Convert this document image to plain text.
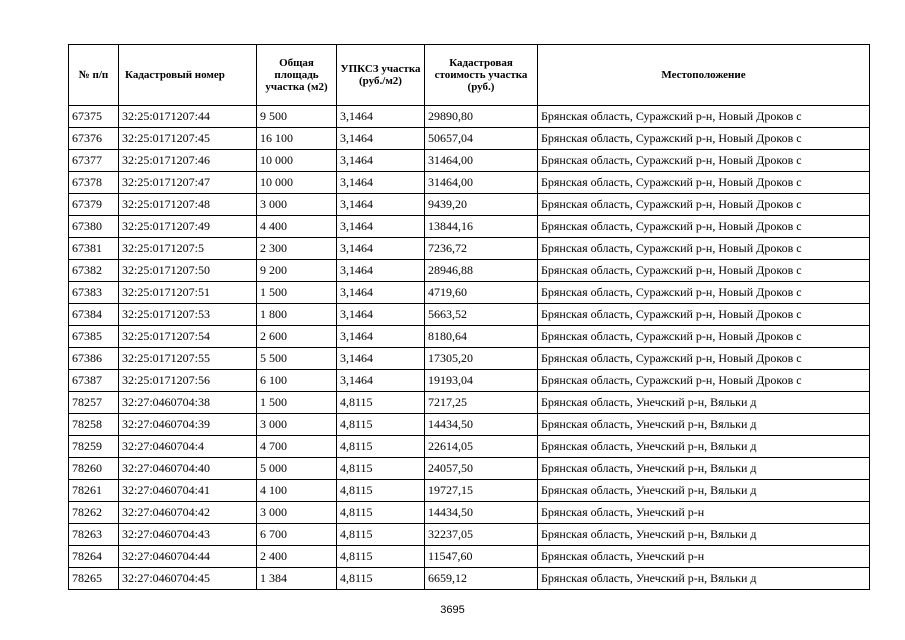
№ п/п	Кадастровый номер	Общая площадь участка (м2)	УПКСЗ участка (руб./м2)	Кадастровая стоимость участка (руб.)	Местоположение
67375	32:25:0171207:44	9 500	3,1464	29890,80	Брянская область, Суражский р-н, Новый Дроков с
67376	32:25:0171207:45	16 100	3,1464	50657,04	Брянская область, Суражский р-н, Новый Дроков с
67377	32:25:0171207:46	10 000	3,1464	31464,00	Брянская область, Суражский р-н, Новый Дроков с
67378	32:25:0171207:47	10 000	3,1464	31464,00	Брянская область, Суражский р-н, Новый Дроков с
67379	32:25:0171207:48	3 000	3,1464	9439,20	Брянская область, Суражский р-н, Новый Дроков с
67380	32:25:0171207:49	4 400	3,1464	13844,16	Брянская область, Суражский р-н, Новый Дроков с
67381	32:25:0171207:5	2 300	3,1464	7236,72	Брянская область, Суражский р-н, Новый Дроков с
67382	32:25:0171207:50	9 200	3,1464	28946,88	Брянская область, Суражский р-н, Новый Дроков с
67383	32:25:0171207:51	1 500	3,1464	4719,60	Брянская область, Суражский р-н, Новый Дроков с
67384	32:25:0171207:53	1 800	3,1464	5663,52	Брянская область, Суражский р-н, Новый Дроков с
67385	32:25:0171207:54	2 600	3,1464	8180,64	Брянская область, Суражский р-н, Новый Дроков с
67386	32:25:0171207:55	5 500	3,1464	17305,20	Брянская область, Суражский р-н, Новый Дроков с
67387	32:25:0171207:56	6 100	3,1464	19193,04	Брянская область, Суражский р-н, Новый Дроков с
78257	32:27:0460704:38	1 500	4,8115	7217,25	Брянская область, Унечский р-н, Вяльки д
78258	32:27:0460704:39	3 000	4,8115	14434,50	Брянская область, Унечский р-н, Вяльки д
78259	32:27:0460704:4	4 700	4,8115	22614,05	Брянская область, Унечский р-н, Вяльки д
78260	32:27:0460704:40	5 000	4,8115	24057,50	Брянская область, Унечский р-н, Вяльки д
78261	32:27:0460704:41	4 100	4,8115	19727,15	Брянская область, Унечский р-н, Вяльки д
78262	32:27:0460704:42	3 000	4,8115	14434,50	Брянская область, Унечский р-н
78263	32:27:0460704:43	6 700	4,8115	32237,05	Брянская область, Унечский р-н, Вяльки д
78264	32:27:0460704:44	2 400	4,8115	11547,60	Брянская область, Унечский р-н
78265	32:27:0460704:45	1 384	4,8115	6659,12	Брянская область, Унечский р-н, Вяльки д
3695
